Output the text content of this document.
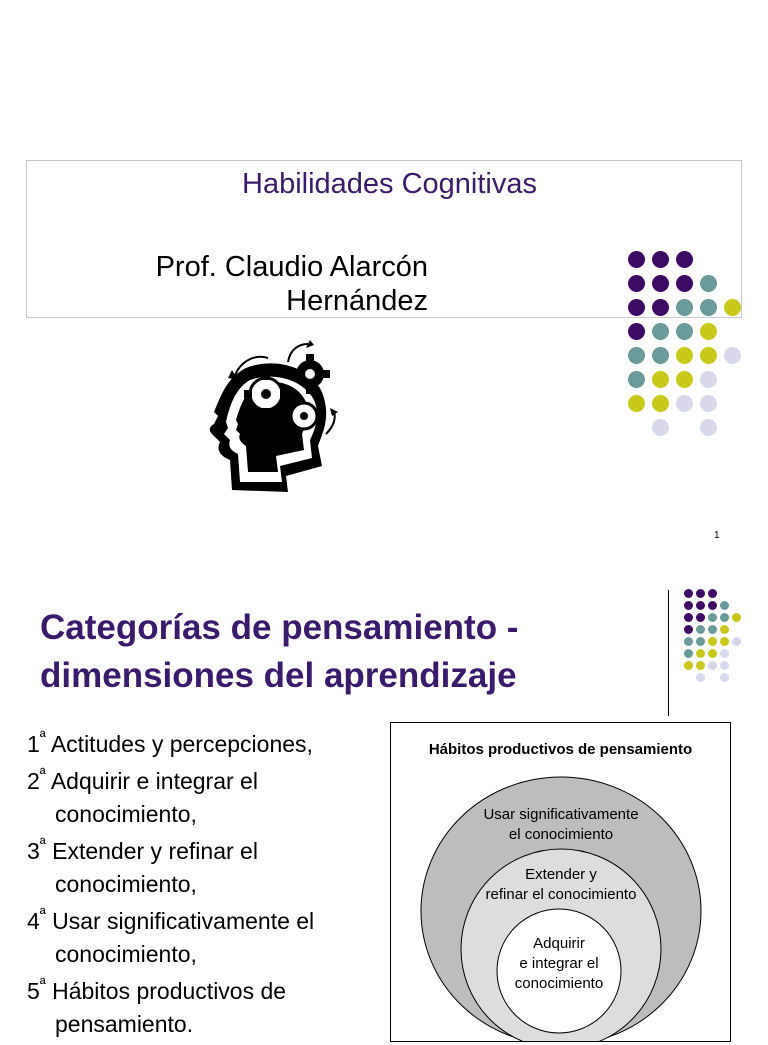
Habilidades Cognitivas
Prof. Claudio Alarcón
Hernández
1
Categorías de pensamiento -
dimensiones del aprendizaje
$1^ª$ Actitudes y percepciones,
$2^ª$ Adquirir e integrar el
conocimiento,
$3^ª$ Extender y refinar el
conocimiento,
$4^ª$ Usar significativamente el
conocimiento,
$5^ª$ Hábitos productivos de
pensamiento.
Hábitos productivos de pensamiento
Usar significativamente
el conocimiento
Extender y
refinar el conocimiento
Adquirir
e integrar el
conocimiento
